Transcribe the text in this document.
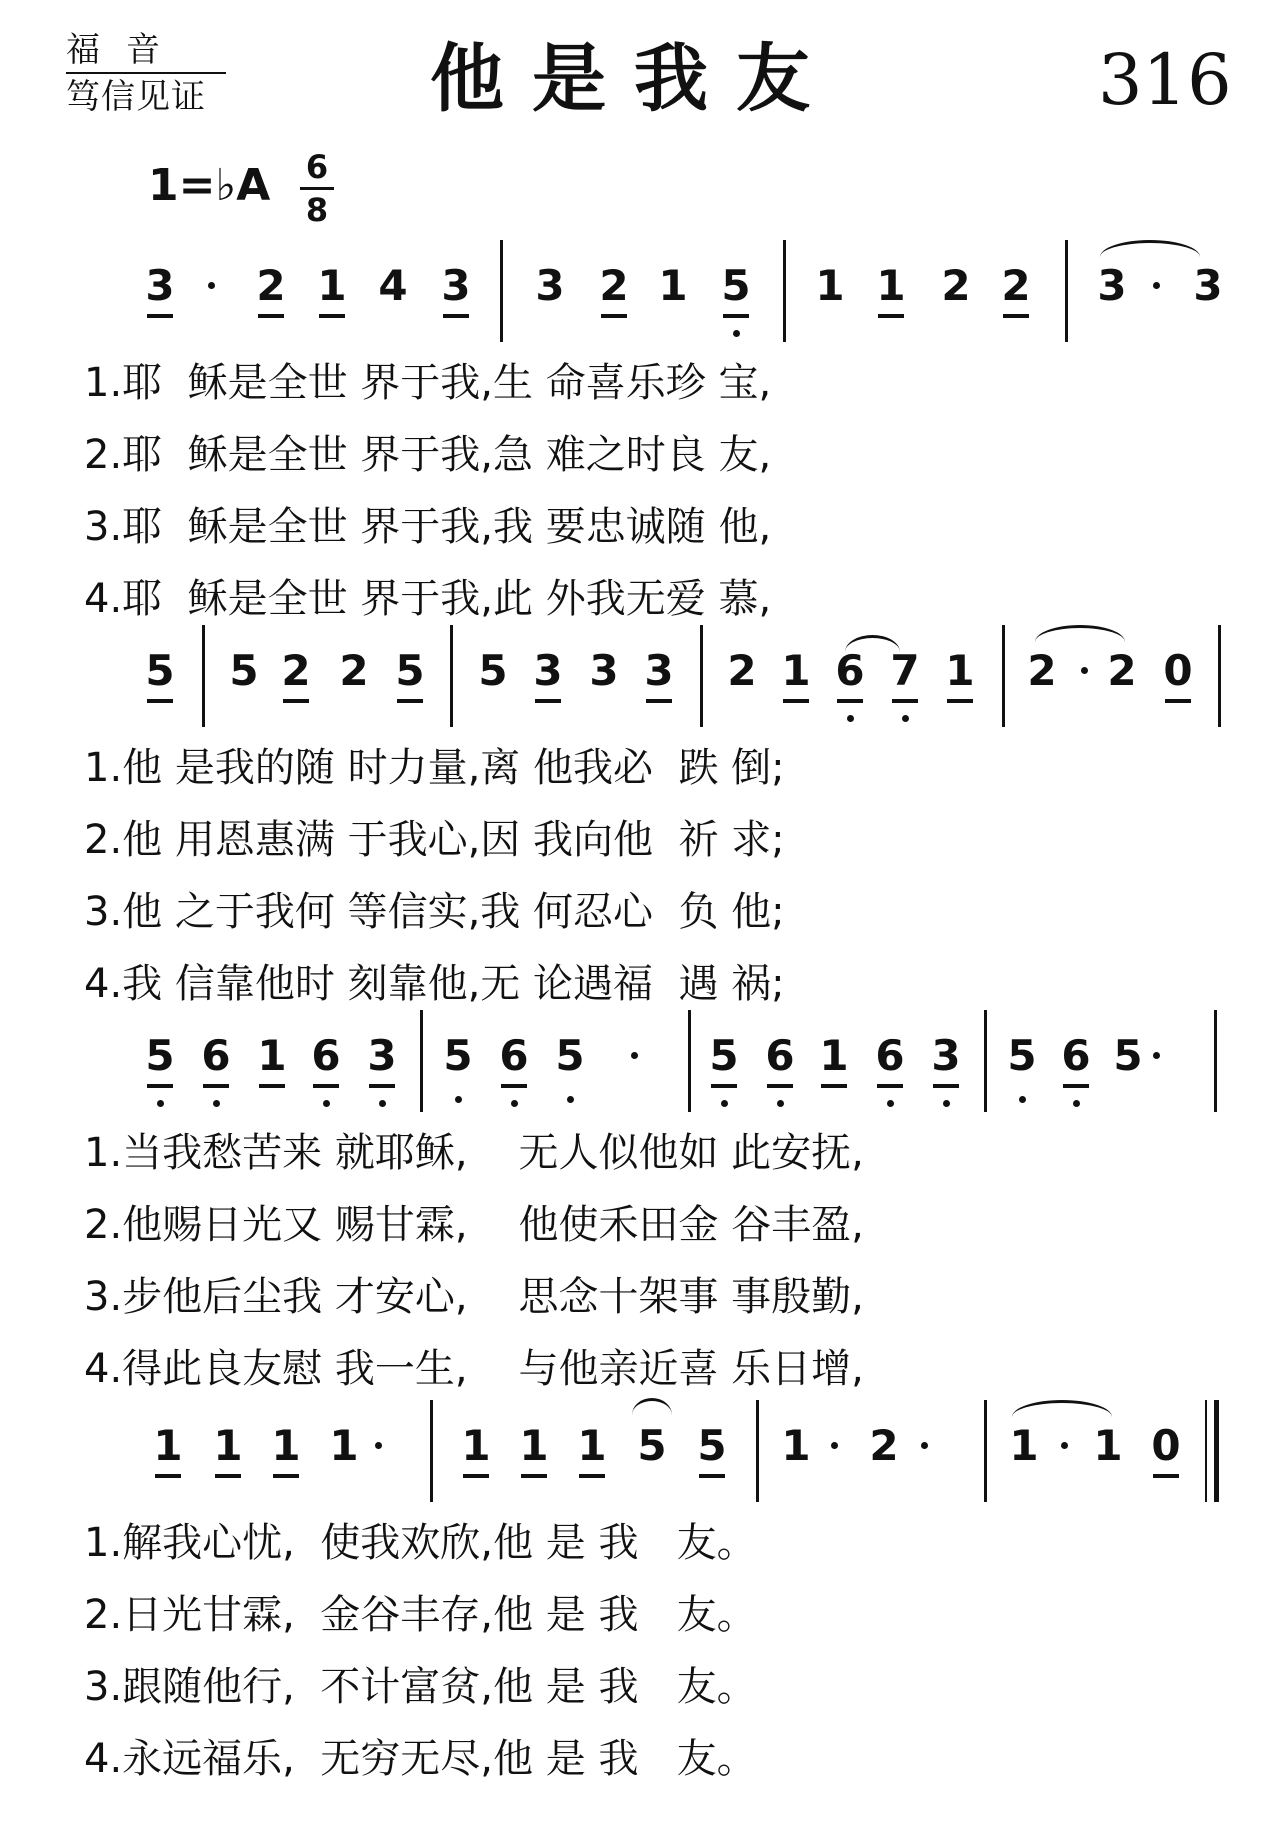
福音
笃信见证	他是我友	316
1=♭A 6
8
3 2 1 4 3 3 2 1 5 1 1 2 2 3 3
1.耶  稣是全世 界于我,生 命喜乐珍 宝,
2.耶  稣是全世 界于我,急 难之时良 友,
3.耶  稣是全世 界于我,我 要忠诚随 他,
4.耶  稣是全世 界于我,此 外我无爱 慕,
5 5 2 2 5 5 3 3 3 2 1 6 7 1 2 2 0
1.他 是我的随 时力量,离 他我必  跌 倒;
2.他 用恩惠满 于我心,因 我向他  祈 求;
3.他 之于我何 等信实,我 何忍心  负 他;
4.我 信靠他时 刻靠他,无 论遇福  遇 祸;
5 6 1 6 3 5 6 5	5 6 1 6 3 5 6 5
1.当我愁苦来 就耶稣,    无人似他如 此安抚,
2.他赐日光又 赐甘霖,    他使禾田金 谷丰盈,
3.步他后尘我 才安心,    思念十架事 事殷勤,
4.得此良友慰 我一生,    与他亲近喜 乐日增,
1 1 1 1 1 1 1 5 5 1 2	1 1 0
1.解我心忧,  使我欢欣,他 是 我   友。
2.日光甘霖,  金谷丰存,他 是 我   友。
3.跟随他行,  不计富贫,他 是 我   友。
4.永远福乐,  无穷无尽,他 是 我   友。
